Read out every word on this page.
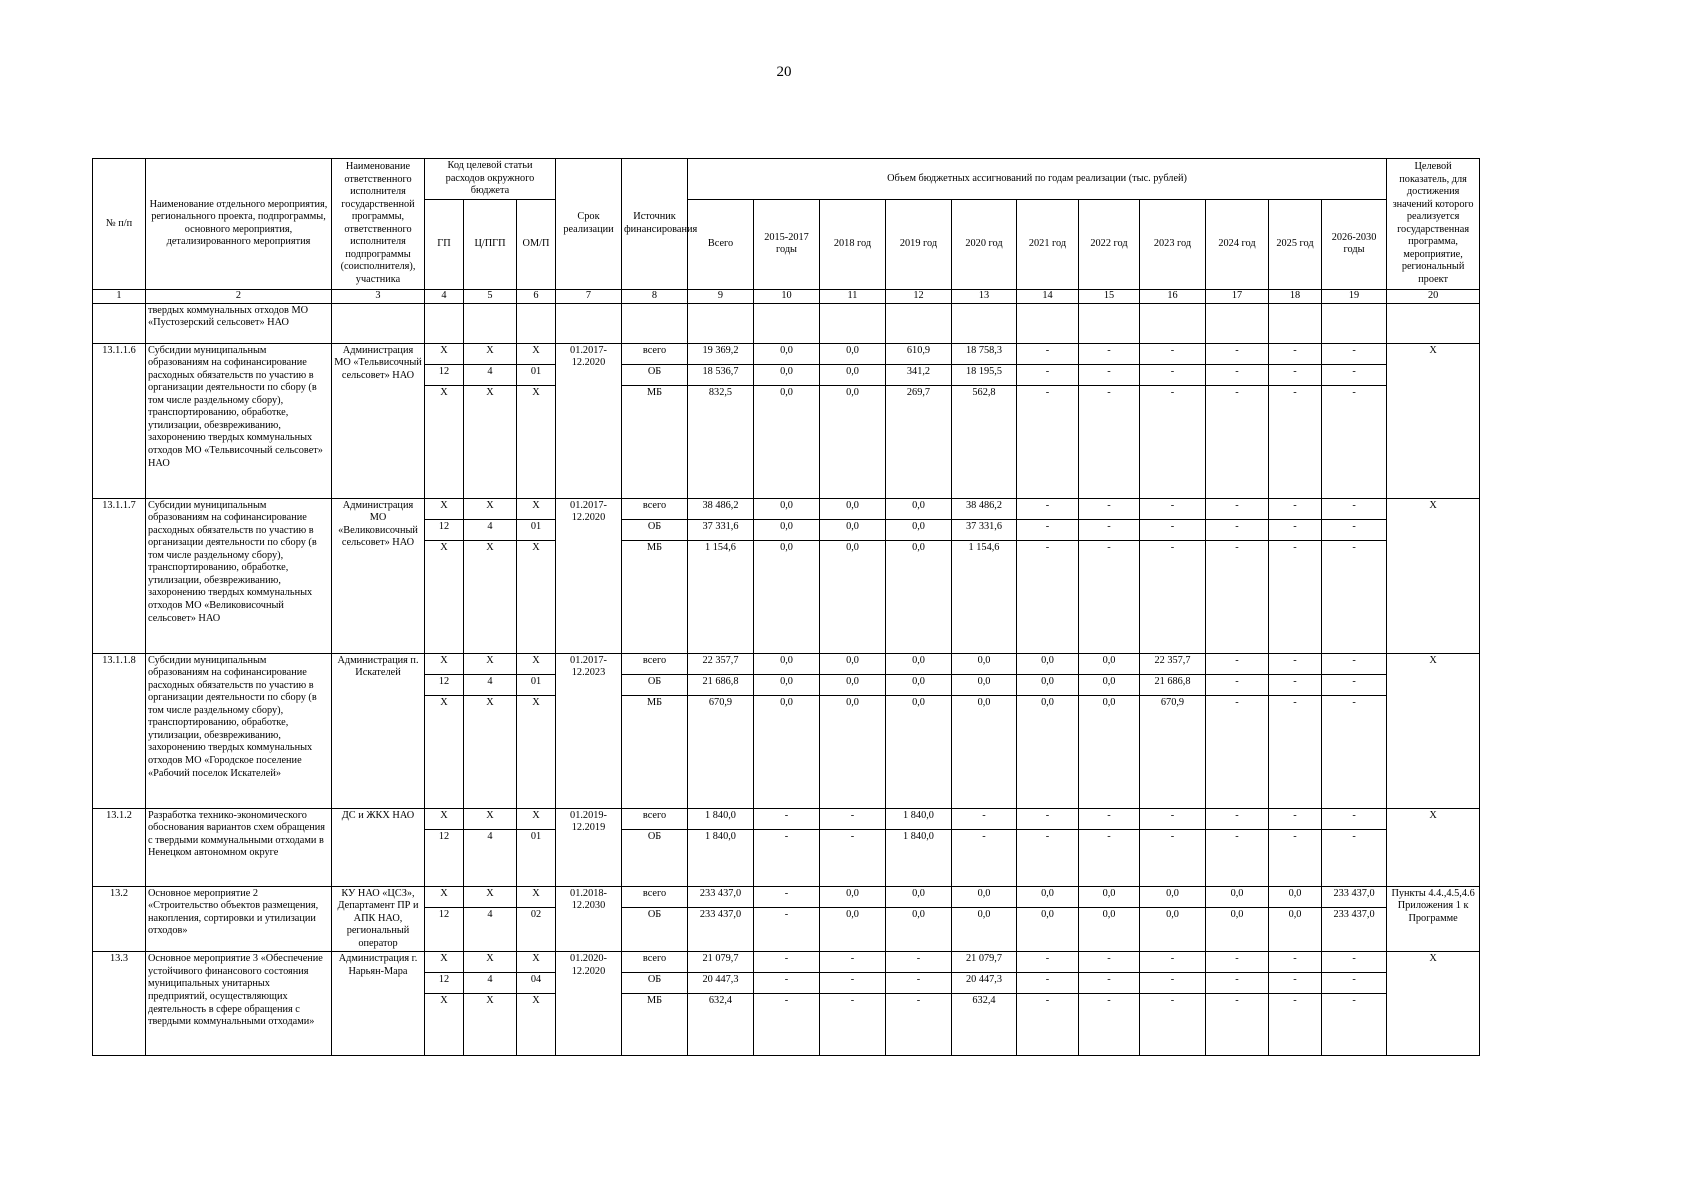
20
№ п/п	Наименование отдельного мероприятия, регионального проекта, подпрограммы, основного мероприятия, детализированного мероприятия	Наименование ответственного исполнителя государственной программы, ответственного исполнителя подпрограммы (соисполнителя), участника	Код целевой статьи расходов окружного бюджета			Срок реализации	Источник финансирования	Объем бюджетных ассигнований по годам реализации (тыс. рублей)											Целевой показатель, для достижения значений которого реализуется государственная программа, мероприятие, региональный проект
			ГП	Ц/ПГП	ОМ/П			Всего	2015-2017 годы	2018 год	2019 год	2020 год	2021 год	2022 год	2023 год	2024 год	2025 год	2026-2030 годы	
1	2	3	4	5	6	7	8	9	10	11	12	13	14	15	16	17	18	19	20
	твердых коммунальных отходов МО «Пустозерский сельсовет» НАО																		
13.1.1.6	Субсидии муниципальным образованиям на софинансирование расходных обязательств по участию в организации деятельности по сбору (в том числе раздельному сбору), транспортированию, обработке, утилизации, обезвреживанию, захоронению твердых коммунальных отходов МО «Тельвисочный сельсовет» НАО	Администрация МО «Тельвисочный сельсовет» НАО	Х	Х	Х	01.2017-12.2020	всего	19 369,2	0,0	0,0	610,9	18 758,3	-	-	-	-	-	-	Х
			12	4	01		ОБ	18 536,7	0,0	0,0	341,2	18 195,5	-	-	-	-	-	-	
			Х	Х	Х		МБ	832,5	0,0	0,0	269,7	562,8	-	-	-	-	-	-	
13.1.1.7	Субсидии муниципальным образованиям на софинансирование расходных обязательств по участию в организации деятельности по сбору (в том числе раздельному сбору), транспортированию, обработке, утилизации, обезвреживанию, захоронению твердых коммунальных отходов МО «Великовисочный сельсовет» НАО	Администрация МО «Великовисочный сельсовет» НАО	Х	Х	Х	01.2017-12.2020	всего	38 486,2	0,0	0,0	0,0	38 486,2	-	-	-	-	-	-	Х
			12	4	01		ОБ	37 331,6	0,0	0,0	0,0	37 331,6	-	-	-	-	-	-	
			Х	Х	Х		МБ	1 154,6	0,0	0,0	0,0	1 154,6	-	-	-	-	-	-	
13.1.1.8	Субсидии муниципальным образованиям на софинансирование расходных обязательств по участию в организации деятельности по сбору (в том числе раздельному сбору), транспортированию, обработке, утилизации, обезвреживанию, захоронению твердых коммунальных отходов МО «Городское поселение «Рабочий поселок Искателей»	Администрация п. Искателей	Х	Х	Х	01.2017-12.2023	всего	22 357,7	0,0	0,0	0,0	0,0	0,0	0,0	22 357,7	-	-	-	Х
			12	4	01		ОБ	21 686,8	0,0	0,0	0,0	0,0	0,0	0,0	21 686,8	-	-	-	
			Х	Х	Х		МБ	670,9	0,0	0,0	0,0	0,0	0,0	0,0	670,9	-	-	-	
13.1.2	Разработка технико-экономического обоснования вариантов схем обращения с твердыми коммунальными отходами в Ненецком автономном округе	ДС и ЖКХ НАО	Х	Х	Х	01.2019-12.2019	всего	1 840,0	-	-	1 840,0	-	-	-	-	-	-	-	Х
			12	4	01		ОБ	1 840,0	-	-	1 840,0	-	-	-	-	-	-	-	
13.2	Основное мероприятие 2 «Строительство объектов размещения, накопления, сортировки и утилизации отходов»	КУ НАО «ЦСЗ», Департамент ПР и АПК НАО, региональный оператор	Х	Х	Х	01.2018-12.2030	всего	233 437,0	-	0,0	0,0	0,0	0,0	0,0	0,0	0,0	0,0	233 437,0	Пункты 4.4.,4.5,4.6 Приложения 1 к Программе
			12	4	02		ОБ	233 437,0	-	0,0	0,0	0,0	0,0	0,0	0,0	0,0	0,0	233 437,0	
13.3	Основное мероприятие 3 «Обеспечение устойчивого финансового состояния муниципальных унитарных предприятий, осуществляющих деятельность в сфере обращения с твердыми коммунальными отходами»	Администрация г. Нарьян-Мара	Х	Х	Х	01.2020-12.2020	всего	21 079,7	-	-	-	21 079,7	-	-	-	-	-	-	Х
			12	4	04		ОБ	20 447,3	-	-	-	20 447,3	-	-	-	-	-	-	
			Х	Х	Х		МБ	632,4	-	-	-	632,4	-	-	-	-	-	-	
